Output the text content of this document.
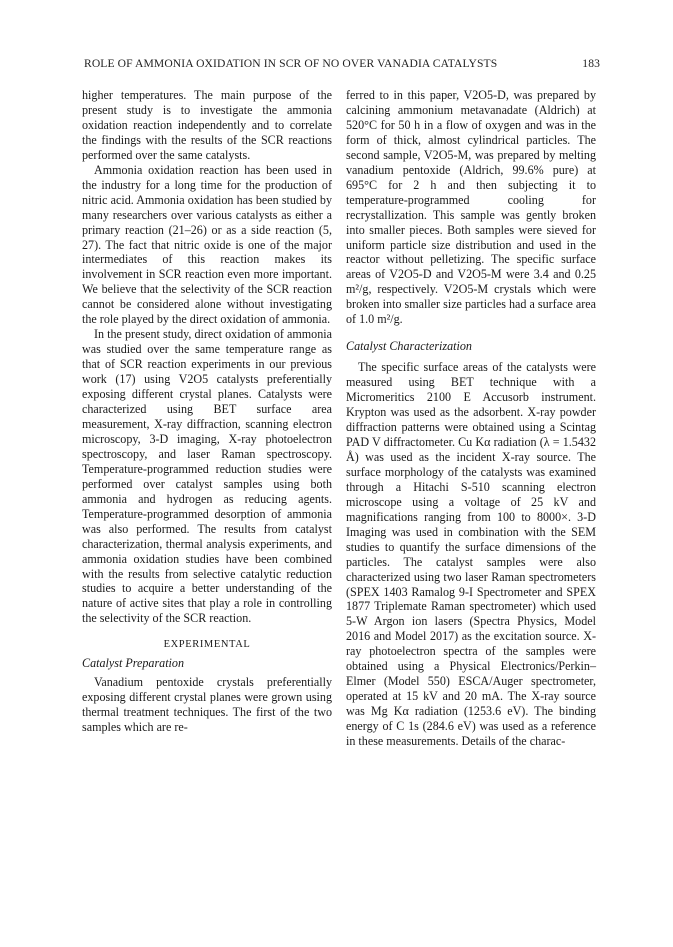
ROLE OF AMMONIA OXIDATION IN SCR OF NO OVER VANADIA CATALYSTS	183

higher temperatures. The main purpose of the present study is to investigate the ammonia oxidation reaction independently and to correlate the findings with the results of the SCR reactions performed over the same catalysts.

Ammonia oxidation reaction has been used in the industry for a long time for the production of nitric acid. Ammonia oxidation has been studied by many researchers over various catalysts as either a primary reaction (21–26) or as a side reaction (5, 27). The fact that nitric oxide is one of the major intermediates of this reaction makes its involvement in SCR reaction even more important. We believe that the selectivity of the SCR reaction cannot be considered alone without investigating the role played by the direct oxidation of ammonia.

In the present study, direct oxidation of ammonia was studied over the same temperature range as that of SCR reaction experiments in our previous work (17) using V2O5 catalysts preferentially exposing different crystal planes. Catalysts were characterized using BET surface area measurement, X-ray diffraction, scanning electron microscopy, 3-D imaging, X-ray photoelectron spectroscopy, and laser Raman spectroscopy. Temperature-programmed reduction studies were performed over catalyst samples using both ammonia and hydrogen as reducing agents. Temperature-programmed desorption of ammonia was also performed. The results from catalyst characterization, thermal analysis experiments, and ammonia oxidation studies have been combined with the results from selective catalytic reduction studies to acquire a better understanding of the nature of active sites that play a role in controlling the selectivity of the SCR reaction.

EXPERIMENTAL
Catalyst Preparation

Vanadium pentoxide crystals preferentially exposing different crystal planes were grown using thermal treatment techniques. The first of the two samples which are re-

ferred to in this paper, V2O5-D, was prepared by calcining ammonium metavanadate (Aldrich) at 520°C for 50 h in a flow of oxygen and was in the form of thick, almost cylindrical particles. The second sample, V2O5-M, was prepared by melting vanadium pentoxide (Aldrich, 99.6% pure) at 695°C for 2 h and then subjecting it to temperature-programmed cooling for recrystallization. This sample was gently broken into smaller pieces. Both samples were sieved for uniform particle size distribution and used in the reactor without pelletizing. The specific surface areas of V2O5-D and V2O5-M were 3.4 and 0.25 m²/g, respectively. V2O5-M crystals which were broken into smaller size particles had a surface area of 1.0 m²/g.

Catalyst Characterization

The specific surface areas of the catalysts were measured using BET technique with a Micromeritics 2100 E Accusorb instrument. Krypton was used as the adsorbent. X-ray powder diffraction patterns were obtained using a Scintag PAD V diffractometer. Cu Kα radiation (λ = 1.5432 Å) was used as the incident X-ray source. The surface morphology of the catalysts was examined through a Hitachi S-510 scanning electron microscope using a voltage of 25 kV and magnifications ranging from 100 to 8000×. 3-D Imaging was used in combination with the SEM studies to quantify the surface dimensions of the particles. The catalyst samples were also characterized using two laser Raman spectrometers (SPEX 1403 Ramalog 9-I Spectrometer and SPEX 1877 Triplemate Raman spectrometer) which used 5-W Argon ion lasers (Spectra Physics, Model 2016 and Model 2017) as the excitation source. X-ray photoelectron spectra of the samples were obtained using a Physical Electronics/Perkin–Elmer (Model 550) ESCA/Auger spectrometer, operated at 15 kV and 20 mA. The X-ray source was Mg Kα radiation (1253.6 eV). The binding energy of C 1s (284.6 eV) was used as a reference in these measurements. Details of the charac-
